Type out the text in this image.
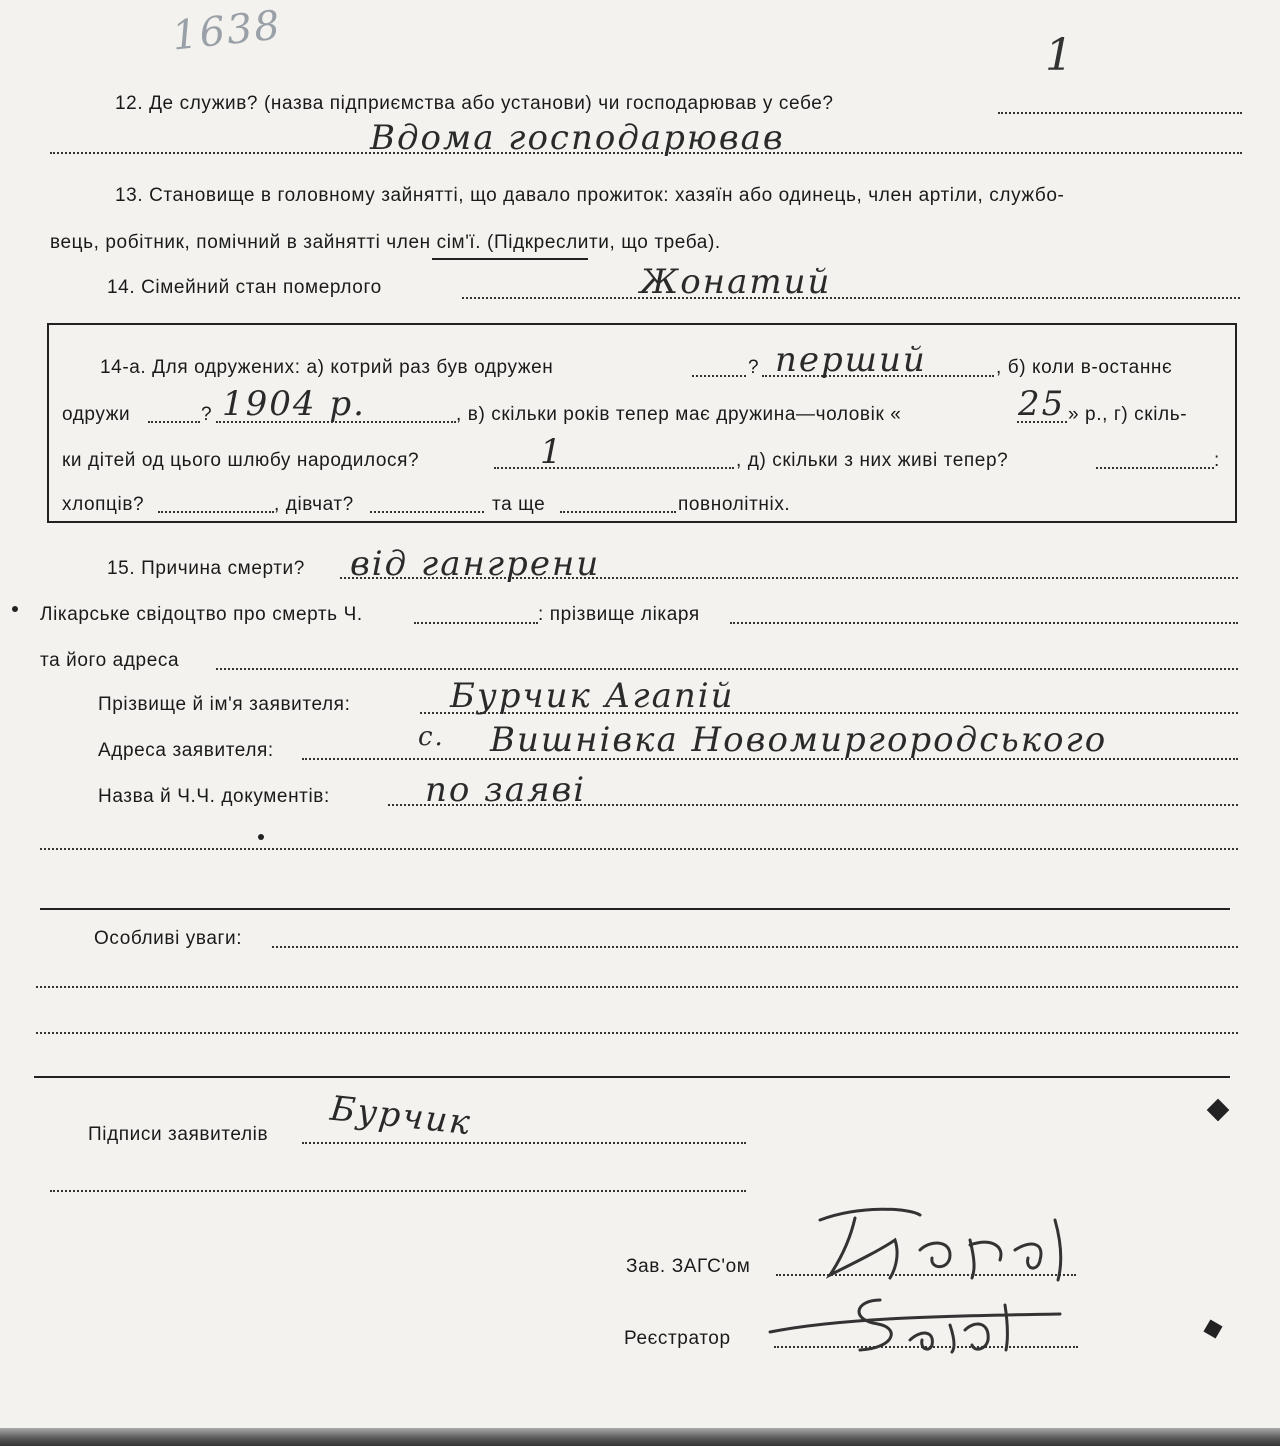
1638	1
12. Де служив? (назва підприємства або установи) чи господарював у себе?
Вдома господарював
13. Становище в головному зайнятті, що давало прожиток: хазяїн або одинець, член артіли, службо-
вець, робітник, помічний в зайнятті член сім'ї. (Підкреслити, що треба).
14. Сімейний стан померлого	Жонатий
14-а. Для одружених: а) котрий раз був одружен	? перший	, б) коли в-останнє
одружи	? 1904 р.	, в) скільки років тепер має дружина—чоловік «	25 » р., г) скіль-
ки дітей од цього шлюбу народилося?	1	, д) скільки з них живі тепер?	:
хлопців?	, дівчат?	та ще	повнолітніх.
15. Причина смерти? від гангрени
Лікарське свідоцтво про смерть Ч.	: прізвище лікаря
та його адреса
Прізвище й ім'я заявителя:	Бурчик Агапій
Адреса заявителя:	с. Вишнівка Новомиргородського
Назва й Ч.Ч. документів:	по заяві
Особливі уваги:
Підписи заявителів Бурчик
Зав. ЗАГС'ом
Реєстратор
